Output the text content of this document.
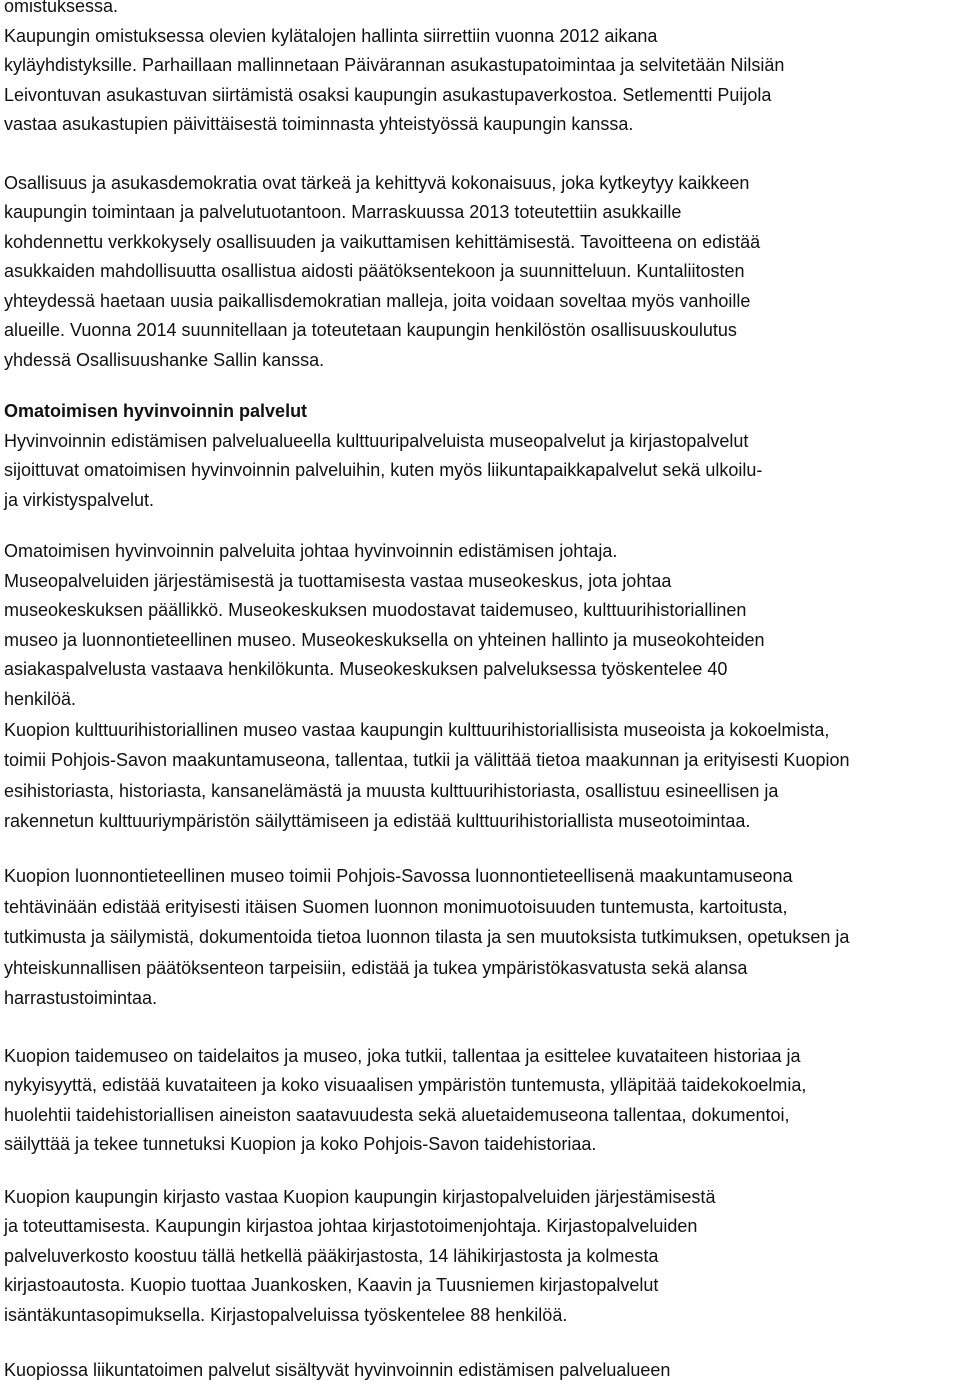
omistuksessa.
Kaupungin omistuksessa olevien kylätalojen hallinta siirrettiin vuonna 2012 aikana
kyläyhdistyksille. Parhaillaan mallinnetaan Päivärannan asukastupatoimintaa ja selvitetään Nilsiän
Leivontuvan asukastuvan siirtämistä osaksi kaupungin asukastupaverkostoa. Setlementti Puijola
vastaa asukastupien päivittäisestä toiminnasta yhteistyössä kaupungin kanssa.

Osallisuus ja asukasdemokratia ovat tärkeä ja kehittyvä kokonaisuus, joka kytkeytyy kaikkeen
kaupungin toimintaan ja palvelutuotantoon. Marraskuussa 2013 toteutettiin asukkaille
kohdennettu verkkokysely osallisuuden ja vaikuttamisen kehittämisestä. Tavoitteena on edistää
asukkaiden mahdollisuutta osallistua aidosti päätöksentekoon ja suunnitteluun. Kuntaliitosten
yhteydessä haetaan uusia paikallisdemokratian malleja, joita voidaan soveltaa myös vanhoille
alueille. Vuonna 2014 suunnitellaan ja toteutetaan kaupungin henkilöstön osallisuuskoulutus
yhdessä Osallisuushanke Sallin kanssa.

Omatoimisen hyvinvoinnin palvelut

Hyvinvoinnin edistämisen palvelualueella kulttuuripalveluista museopalvelut ja kirjastopalvelut
sijoittuvat omatoimisen hyvinvoinnin palveluihin, kuten myös liikuntapaikkapalvelut sekä ulkoilu-
ja virkistyspalvelut.

Omatoimisen hyvinvoinnin palveluita johtaa hyvinvoinnin edistämisen johtaja.
Museopalveluiden järjestämisestä ja tuottamisesta vastaa museokeskus, jota johtaa
museokeskuksen päällikkö. Museokeskuksen muodostavat taidemuseo, kulttuurihistoriallinen
museo ja luonnontieteellinen museo. Museokeskuksella on yhteinen hallinto ja museokohteiden
asiakaspalvelusta vastaava henkilökunta. Museokeskuksen palveluksessa työskentelee 40
henkilöä.

Kuopion kulttuurihistoriallinen museo vastaa kaupungin kulttuurihistoriallisista museoista ja kokoelmista,
toimii Pohjois-Savon maakuntamuseona, tallentaa, tutkii ja välittää tietoa maakunnan ja erityisesti Kuopion
esihistoriasta, historiasta, kansanelämästä ja muusta kulttuurihistoriasta, osallistuu esineellisen ja
rakennetun kulttuuriympäristön säilyttämiseen ja edistää kulttuurihistoriallista museotoimintaa.

Kuopion luonnontieteellinen museo toimii Pohjois-Savossa luonnontieteellisenä maakuntamuseona
tehtävinään edistää erityisesti itäisen Suomen luonnon monimuotoisuuden tuntemusta, kartoitusta,
tutkimusta ja säilymistä, dokumentoida tietoa luonnon tilasta ja sen muutoksista tutkimuksen, opetuksen ja
yhteiskunnallisen päätöksenteon tarpeisiin, edistää ja tukea ympäristökasvatusta sekä alansa
harrastustoimintaa.

Kuopion taidemuseo on taidelaitos ja museo, joka tutkii, tallentaa ja esittelee kuvataiteen historiaa ja
nykyisyyttä, edistää kuvataiteen ja koko visuaalisen ympäristön tuntemusta, ylläpitää taidekokoelmia,
huolehtii taidehistoriallisen aineiston saatavuudesta sekä aluetaidemuseona tallentaa, dokumentoi,
säilyttää ja tekee tunnetuksi Kuopion ja koko Pohjois-Savon taidehistoriaa.

Kuopion kaupungin kirjasto vastaa Kuopion kaupungin kirjastopalveluiden järjestämisestä
ja toteuttamisesta. Kaupungin kirjastoa johtaa kirjastotoimenjohtaja. Kirjastopalveluiden
palveluverkosto koostuu tällä hetkellä pääkirjastosta, 14 lähikirjastosta ja kolmesta
kirjastoautosta. Kuopio tuottaa Juankosken, Kaavin ja Tuusniemen kirjastopalvelut
isäntäkuntasopimuksella. Kirjastopalveluissa työskentelee 88 henkilöä.

Kuopiossa liikuntatoimen palvelut sisältyvät hyvinvoinnin edistämisen palvelualueen
